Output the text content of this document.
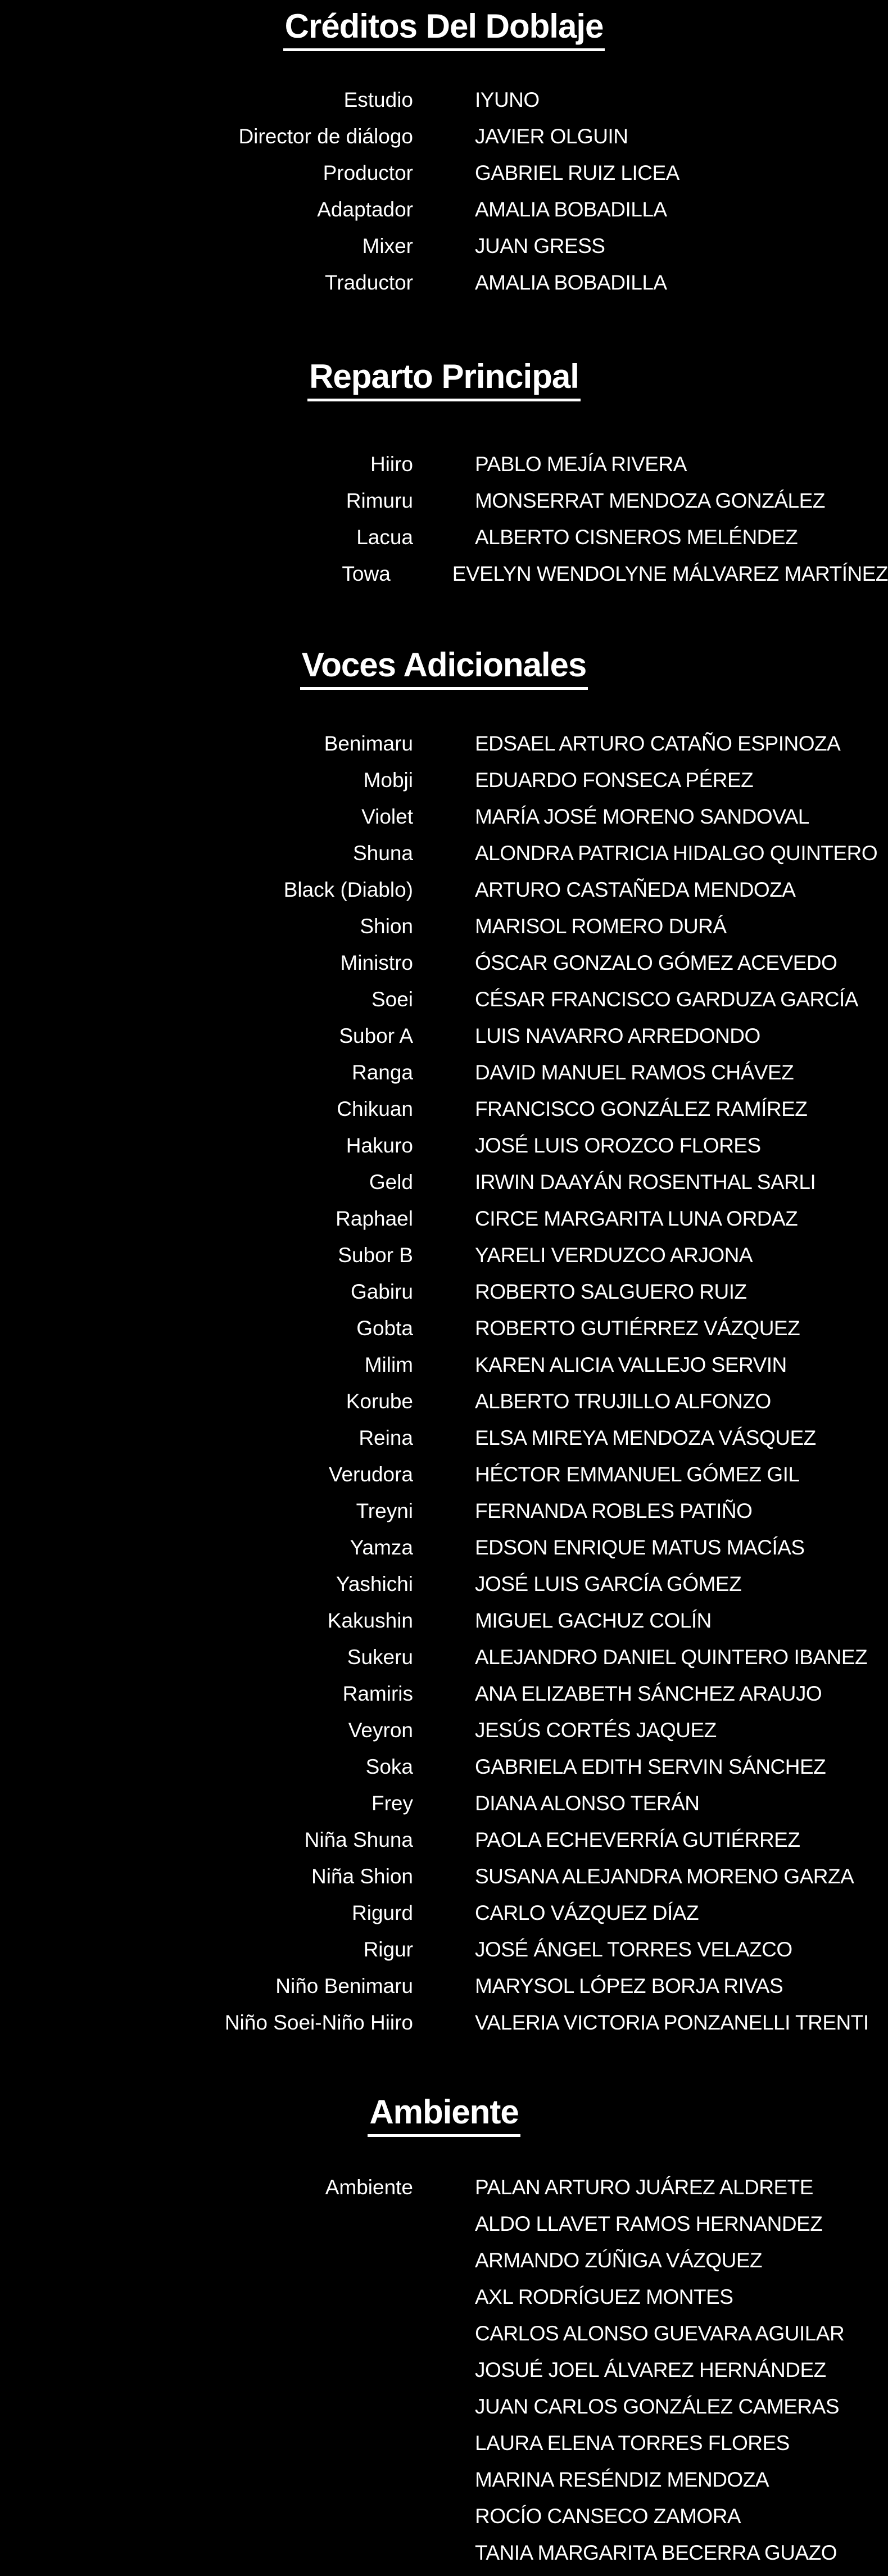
Créditos Del Doblaje
Estudio	IYUNO
Director de diálogo	JAVIER OLGUIN
Productor	GABRIEL RUIZ LICEA
Adaptador	AMALIA BOBADILLA
Mixer	JUAN GRESS
Traductor	AMALIA BOBADILLA
Reparto Principal
Hiiro	PABLO MEJÍA RIVERA
Rimuru	MONSERRAT MENDOZA GONZÁLEZ
Lacua	ALBERTO CISNEROS MELÉNDEZ
Towa	EVELYN WENDOLYNE MÁLVAREZ MARTÍNEZ
Voces Adicionales
Benimaru	EDSAEL ARTURO CATAÑO ESPINOZA
Mobji	EDUARDO FONSECA PÉREZ
Violet	MARÍA JOSÉ MORENO SANDOVAL
Shuna	ALONDRA PATRICIA HIDALGO QUINTERO
Black (Diablo)	ARTURO CASTAÑEDA MENDOZA
Shion	MARISOL ROMERO DURÁ
Ministro	ÓSCAR GONZALO GÓMEZ ACEVEDO
Soei	CÉSAR FRANCISCO GARDUZA GARCÍA
Subor A	LUIS NAVARRO ARREDONDO
Ranga	DAVID MANUEL RAMOS CHÁVEZ
Chikuan	FRANCISCO GONZÁLEZ RAMÍREZ
Hakuro	JOSÉ LUIS OROZCO FLORES
Geld	IRWIN DAAYÁN ROSENTHAL SARLI
Raphael	CIRCE MARGARITA LUNA ORDAZ
Subor B	YARELI VERDUZCO ARJONA
Gabiru	ROBERTO SALGUERO RUIZ
Gobta	ROBERTO GUTIÉRREZ VÁZQUEZ
Milim	KAREN ALICIA VALLEJO SERVIN
Korube	ALBERTO TRUJILLO ALFONZO
Reina	ELSA MIREYA MENDOZA VÁSQUEZ
Verudora	HÉCTOR EMMANUEL GÓMEZ GIL
Treyni	FERNANDA ROBLES PATIÑO
Yamza	EDSON ENRIQUE MATUS MACÍAS
Yashichi	JOSÉ LUIS GARCÍA GÓMEZ
Kakushin	MIGUEL GACHUZ COLÍN
Sukeru	ALEJANDRO DANIEL QUINTERO IBANEZ
Ramiris	ANA ELIZABETH SÁNCHEZ ARAUJO
Veyron	JESÚS CORTÉS JAQUEZ
Soka	GABRIELA EDITH SERVIN SÁNCHEZ
Frey	DIANA ALONSO TERÁN
Niña Shuna	PAOLA ECHEVERRÍA GUTIÉRREZ
Niña Shion	SUSANA ALEJANDRA MORENO GARZA
Rigurd	CARLO VÁZQUEZ DÍAZ
Rigur	JOSÉ ÁNGEL TORRES VELAZCO
Niño Benimaru	MARYSOL LÓPEZ BORJA RIVAS
Niño Soei-Niño Hiiro	VALERIA VICTORIA PONZANELLI TRENTI
Ambiente
Ambiente	PALAN ARTURO JUÁREZ ALDRETE
ALDO LLAVET RAMOS HERNANDEZ
ARMANDO ZÚÑIGA VÁZQUEZ
AXL RODRÍGUEZ MONTES
CARLOS ALONSO GUEVARA AGUILAR
JOSUÉ JOEL ÁLVAREZ HERNÁNDEZ
JUAN CARLOS GONZÁLEZ CAMERAS
LAURA ELENA TORRES FLORES
MARINA RESÉNDIZ MENDOZA
ROCÍO CANSECO ZAMORA
TANIA MARGARITA BECERRA GUAZO
